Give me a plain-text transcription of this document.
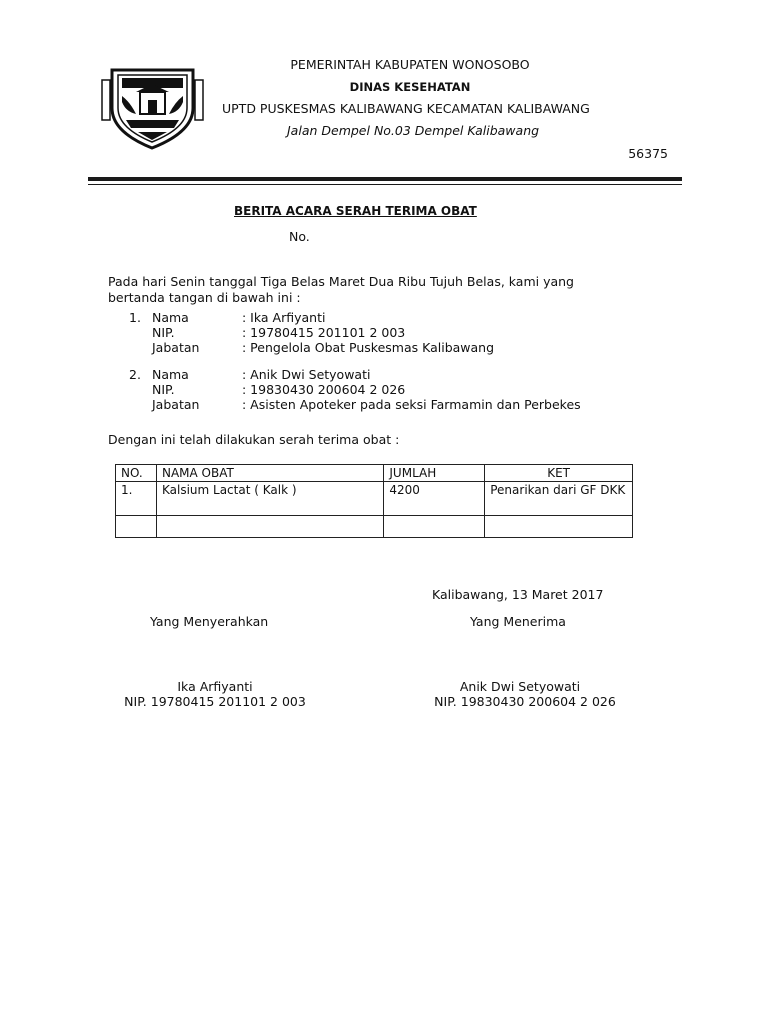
PEMERINTAH KABUPATEN WONOSOBO
DINAS KESEHATAN
UPTD PUSKESMAS KALIBAWANG KECAMATAN KALIBAWANG
Jalan Dempel No.03 Dempel Kalibawang
56375
BERITA ACARA SERAH TERIMA OBAT
No.
Pada hari Senin tanggal Tiga Belas Maret Dua Ribu Tujuh Belas, kami yang
bertanda tangan di bawah ini :
1. Nama	: Ika Arfiyanti
NIP.	: 19780415 201101 2 003
Jabatan	: Pengelola Obat Puskesmas Kalibawang
2. Nama	: Anik Dwi Setyowati
NIP.	: 19830430 200604 2 026
Jabatan	: Asisten Apoteker pada seksi Farmamin dan Perbekes
Dengan ini telah dilakukan serah terima obat :
NO.	NAMA OBAT	JUMLAH	KET
1.	Kalsium Lactat ( Kalk )	4200	Penarikan dari GF DKK

Kalibawang, 13 Maret 2017
Yang Menyerahkan	Yang Menerima
Ika Arfiyanti
NIP. 19780415 201101 2 003
Anik Dwi Setyowati
NIP. 19830430 200604 2 026
